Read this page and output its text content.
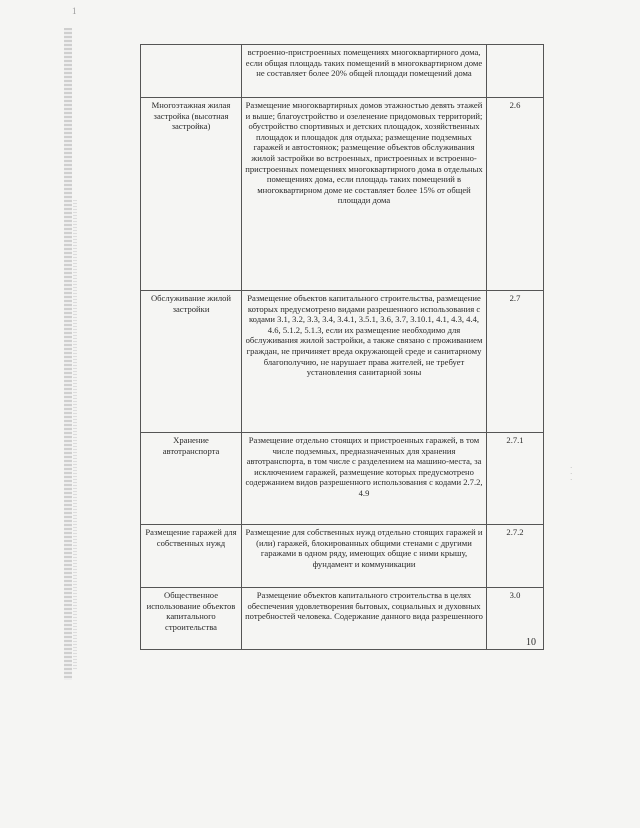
1
·
·
·
	встроенно-пристроенных помещениях многоквартирного дома, если общая площадь таких помещений в многоквартирном доме не составляет более 20% общей площади помещений дома	
Многоэтажная жилая застройка (высотная застройка)	Размещение многоквартирных домов этажностью девять этажей и выше; благоустройство и озеленение придомовых территорий; обустройство спортивных и детских площадок, хозяйственных площадок и площадок для отдыха; размещение подземных гаражей и автостоянок; размещение объектов обслуживания жилой застройки во встроенных, пристроенных и встроенно-пристроенных помещениях многоквартирного дома в отдельных помещениях дома, если площадь таких помещений в многоквартирном доме не составляет более 15% от общей площади дома	2.6
Обслуживание жилой застройки	Размещение объектов капитального строительства, размещение которых предусмотрено видами разрешенного использования с кодами 3.1, 3.2, 3.3, 3.4, 3.4.1, 3.5.1, 3.6, 3.7, 3.10.1, 4.1, 4.3, 4.4, 4.6, 5.1.2, 5.1.3, если их размещение необходимо для обслуживания жилой застройки, а также связано с проживанием граждан, не причиняет вреда окружающей среде и санитарному благополучию, не нарушает права жителей, не требует установления санитарной зоны	2.7
Хранение автотранспорта	Размещение отдельно стоящих и пристроенных гаражей, в том числе подземных, предназначенных для хранения автотранспорта, в том числе с разделением на машино-места, за исключением гаражей, размещение которых предусмотрено содержанием видов разрешенного использования с кодами 2.7.2, 4.9	2.7.1
Размещение гаражей для собственных нужд	Размещение для собственных нужд отдельно стоящих гаражей и (или) гаражей, блокированных общими стенами с другими гаражами в одном ряду, имеющих общие с ними крышу, фундамент и коммуникации	2.7.2
Общественное использование объектов капитального строительства	Размещение объектов капитального строительства в целях обеспечения удовлетворения бытовых, социальных и духовных потребностей человека. Содержание данного вида разрешенного	3.0
10
